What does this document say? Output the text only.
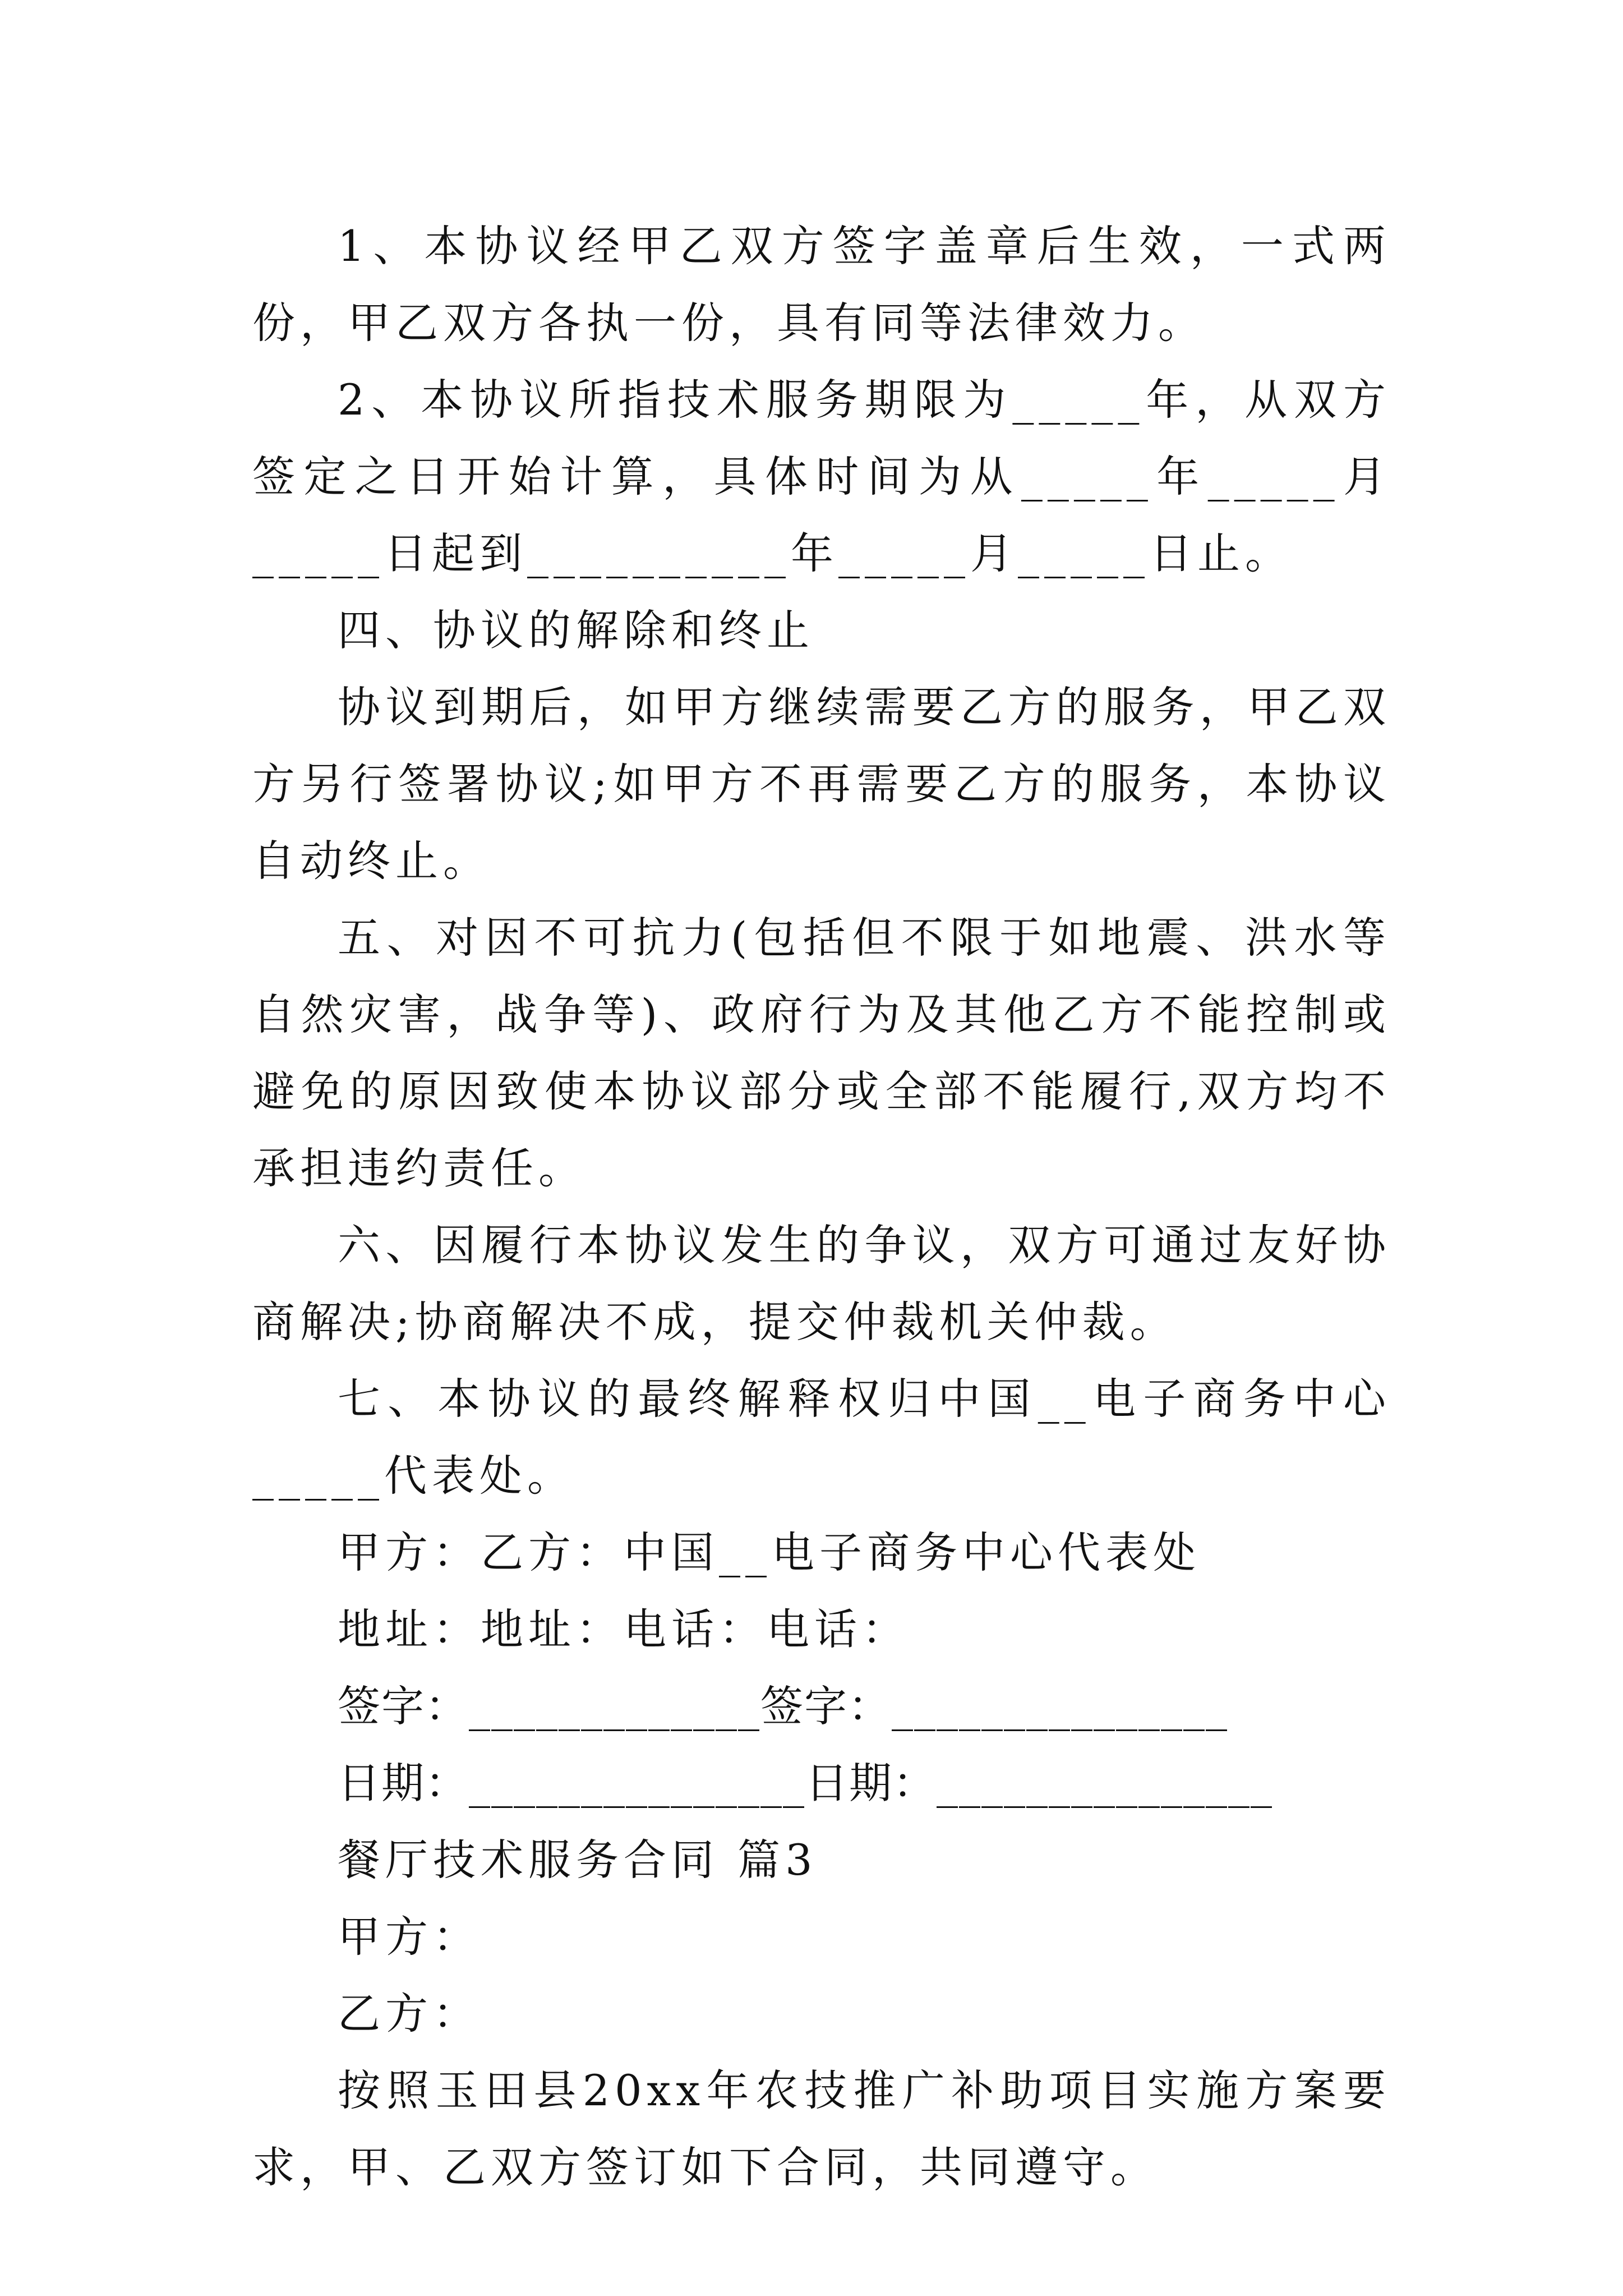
1、本协议经甲乙双方签字盖章后生效，一式两份，甲乙双方各执一份，具有同等法律效力。

2、本协议所指技术服务期限为_____年，从双方签定之日开始计算，具体时间为从_____年_____月_____日起到__________年_____月_____日止。

四、协议的解除和终止

协议到期后，如甲方继续需要乙方的服务，甲乙双方另行签署协议;如甲方不再需要乙方的服务，本协议自动终止。

五、对因不可抗力(包括但不限于如地震、洪水等自然灾害，战争等)、政府行为及其他乙方不能控制或避免的原因致使本协议部分或全部不能履行,双方均不承担违约责任。

六、因履行本协议发生的争议，双方可通过友好协商解决;协商解决不成，提交仲裁机关仲裁。

七、本协议的最终解释权归中国__电子商务中心_____代表处。

甲方：乙方：中国__电子商务中心代表处

地址：地址：电话：电话：

签字：_____________签字：_______________

日期：_______________日期：_______________

餐厅技术服务合同 篇3

甲方：

乙方：

按照玉田县20xx年农技推广补助项目实施方案要求，甲、乙双方签订如下合同，共同遵守。
